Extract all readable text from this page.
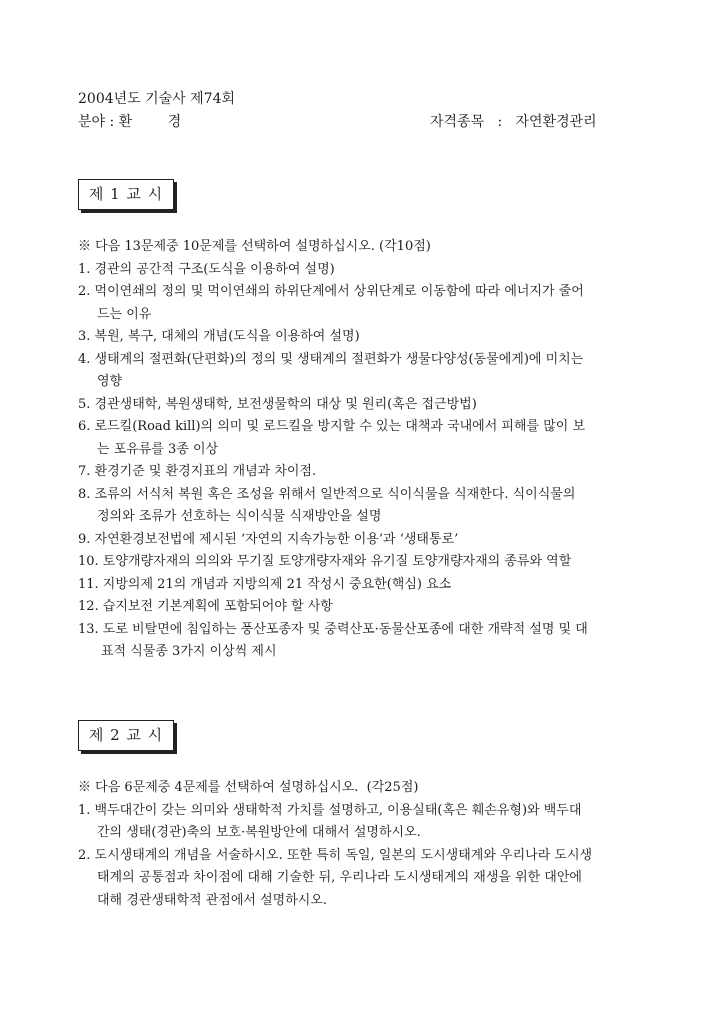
2004년도 기술사 제74회
분야 : 환        경	자격종목   :   자연환경관리
제 1 교 시
※ 다음 13문제중 10문제를 선택하여 설명하십시오. (각10점)
1. 경관의 공간적 구조(도식을 이용하여 설명)
2. 먹이연쇄의 정의 및 먹이연쇄의 하위단계에서 상위단계로 이동함에 따라 에너지가 줄어
드는 이유
3. 복원, 복구, 대체의 개념(도식을 이용하여 설명)
4. 생태계의 절편화(단편화)의 정의 및 생태계의 절편화가 생물다양성(동물에게)에 미치는
영향
5. 경관생태학, 복원생태학, 보전생물학의 대상 및 원리(혹은 접근방법)
6. 로드킬(Road kill)의 의미 및 로드킬을 방지할 수 있는 대책과 국내에서 피해를 많이 보
는 포유류를 3종 이상
7. 환경기준 및 환경지표의 개념과 차이점.
8. 조류의 서식처 복원 혹은 조성을 위해서 일반적으로 식이식물을 식재한다. 식이식물의
정의와 조류가 선호하는 식이식물 식재방안을 설명
9. 자연환경보전법에 제시된 ‘자연의 지속가능한 이용’과 ‘생태통로’
10. 토양개량자재의 의의와 무기질 토양개량자재와 유기질 토양개량자재의 종류와 역할
11. 지방의제 21의 개념과 지방의제 21 작성시 중요한(핵심) 요소
12. 습지보전 기본계획에 포함되어야 할 사항
13. 도로 비탈면에 침입하는 풍산포종자 및 중력산포·동물산포종에 대한 개략적 설명 및 대
표적 식물종 3가지 이상씩 제시
제 2 교 시
※ 다음 6문제중 4문제를 선택하여 설명하십시오.  (각25점)
1. 백두대간이 갖는 의미와 생태학적 가치를 설명하고, 이용실태(혹은 훼손유형)와 백두대
간의 생태(경관)축의 보호·복원방안에 대해서 설명하시오.
2. 도시생태계의 개념을 서술하시오. 또한 특히 독일, 일본의 도시생태계와 우리나라 도시생
태계의 공통점과 차이점에 대해 기술한 뒤, 우리나라 도시생태계의 재생을 위한 대안에
대해 경관생태학적 관점에서 설명하시오.
